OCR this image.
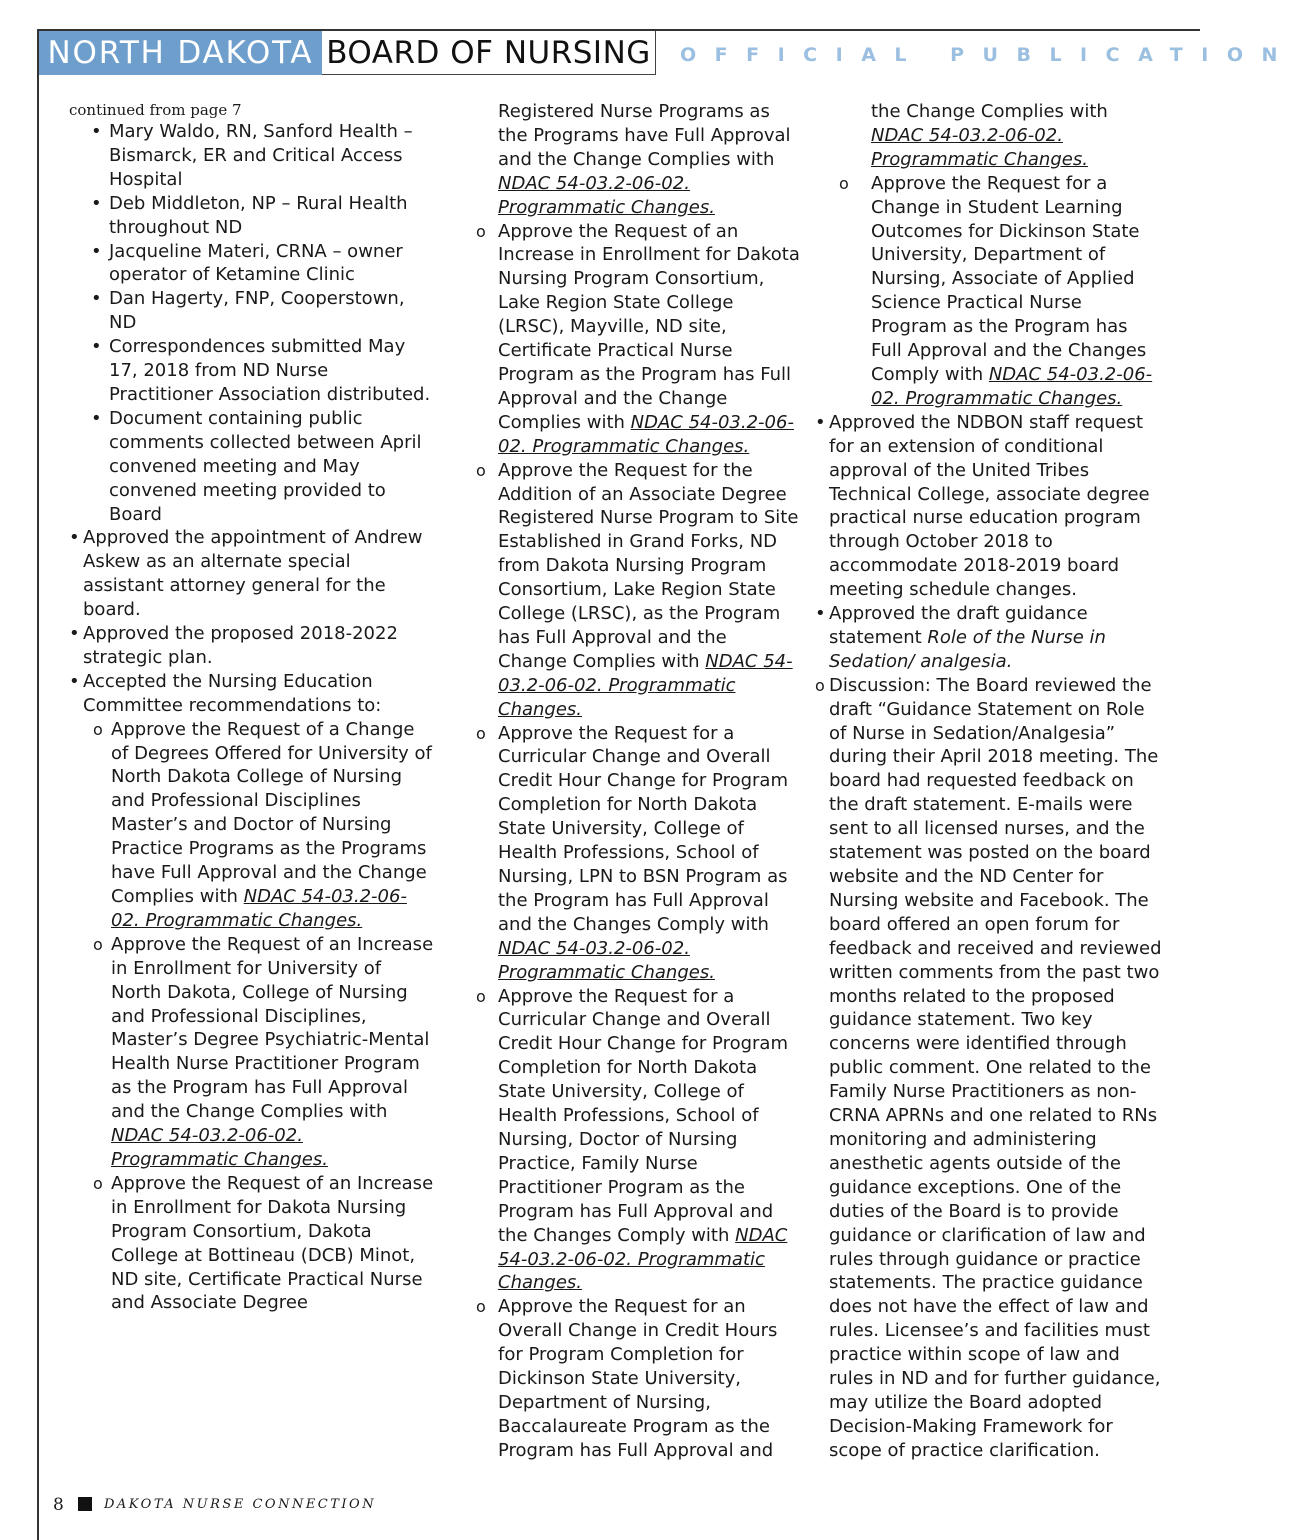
NORTH DAKOTA BOARD OF NURSING OFFICIAL PUBLICATION

continued from page 7

• Mary Waldo, RN, Sanford Health – Bismarck, ER and Critical Access Hospital

• Deb Middleton, NP – Rural Health throughout ND

• Jacqueline Materi, CRNA – owner operator of Ketamine Clinic

• Dan Hagerty, FNP, Cooperstown, ND

• Correspondences submitted May 17, 2018 from ND Nurse Practitioner Association distributed.

• Document containing public comments collected between April convened meeting and May convened meeting provided to Board

• Approved the appointment of Andrew Askew as an alternate special assistant attorney general for the board.

• Approved the proposed 2018-2022 strategic plan.

• Accepted the Nursing Education Committee recommendations to:

o Approve the Request of a Change of Degrees Offered for University of North Dakota College of Nursing and Professional Disciplines Master’s and Doctor of Nursing Practice Programs as the Programs have Full Approval and the Change Complies with NDAC 54-03.2-06-02. Programmatic Changes.

o Approve the Request of an Increase in Enrollment for University of North Dakota, College of Nursing and Professional Disciplines, Master’s Degree Psychiatric-Mental Health Nurse Practitioner Program as the Program has Full Approval and the Change Complies with NDAC 54-03.2-06-02. Programmatic Changes.

o Approve the Request of an Increase in Enrollment for Dakota Nursing Program Consortium, Dakota College at Bottineau (DCB) Minot, ND site, Certificate Practical Nurse and Associate Degree

Registered Nurse Programs as the Programs have Full Approval and the Change Complies with NDAC 54-03.2-06-02. Programmatic Changes.

o Approve the Request of an Increase in Enrollment for Dakota Nursing Program Consortium, Lake Region State College (LRSC), Mayville, ND site, Certificate Practical Nurse Program as the Program has Full Approval and the Change Complies with NDAC 54-03.2-06-02. Programmatic Changes.

o Approve the Request for the Addition of an Associate Degree Registered Nurse Program to Site Established in Grand Forks, ND from Dakota Nursing Program Consortium, Lake Region State College (LRSC), as the Program has Full Approval and the Change Complies with NDAC 54-03.2-06-02. Programmatic Changes.

o Approve the Request for a Curricular Change and Overall Credit Hour Change for Program Completion for North Dakota State University, College of Health Professions, School of Nursing, LPN to BSN Program as the Program has Full Approval and the Changes Comply with NDAC 54-03.2-06-02. Programmatic Changes.

o Approve the Request for a Curricular Change and Overall Credit Hour Change for Program Completion for North Dakota State University, College of Health Professions, School of Nursing, Doctor of Nursing Practice, Family Nurse Practitioner Program as the Program has Full Approval and the Changes Comply with NDAC 54-03.2-06-02. Programmatic Changes.

o Approve the Request for an Overall Change in Credit Hours for Program Completion for Dickinson State University, Department of Nursing, Baccalaureate Program as the Program has Full Approval and

the Change Complies with NDAC 54-03.2-06-02. Programmatic Changes.

o Approve the Request for a Change in Student Learning Outcomes for Dickinson State University, Department of Nursing, Associate of Applied Science Practical Nurse Program as the Program has Full Approval and the Changes Comply with NDAC 54-03.2-06-02. Programmatic Changes.

• Approved the NDBON staff request for an extension of conditional approval of the United Tribes Technical College, associate degree practical nurse education program through October 2018 to accommodate 2018-2019 board meeting schedule changes.

• Approved the draft guidance statement Role of the Nurse in Sedation/ analgesia.

o Discussion: The Board reviewed the draft “Guidance Statement on Role of Nurse in Sedation/Analgesia” during their April 2018 meeting. The board had requested feedback on the draft statement. E-mails were sent to all licensed nurses, and the statement was posted on the board website and the ND Center for Nursing website and Facebook. The board offered an open forum for feedback and received and reviewed written comments from the past two months related to the proposed guidance statement. Two key concerns were identified through public comment. One related to the Family Nurse Practitioners as non-CRNA APRNs and one related to RNs monitoring and administering anesthetic agents outside of the guidance exceptions. One of the duties of the Board is to provide guidance or clarification of law and rules through guidance or practice statements. The practice guidance does not have the effect of law and rules. Licensee’s and facilities must practice within scope of law and rules in ND and for further guidance, may utilize the Board adopted Decision-Making Framework for scope of practice clarification.

8	DAKOTA NURSE CONNECTION
